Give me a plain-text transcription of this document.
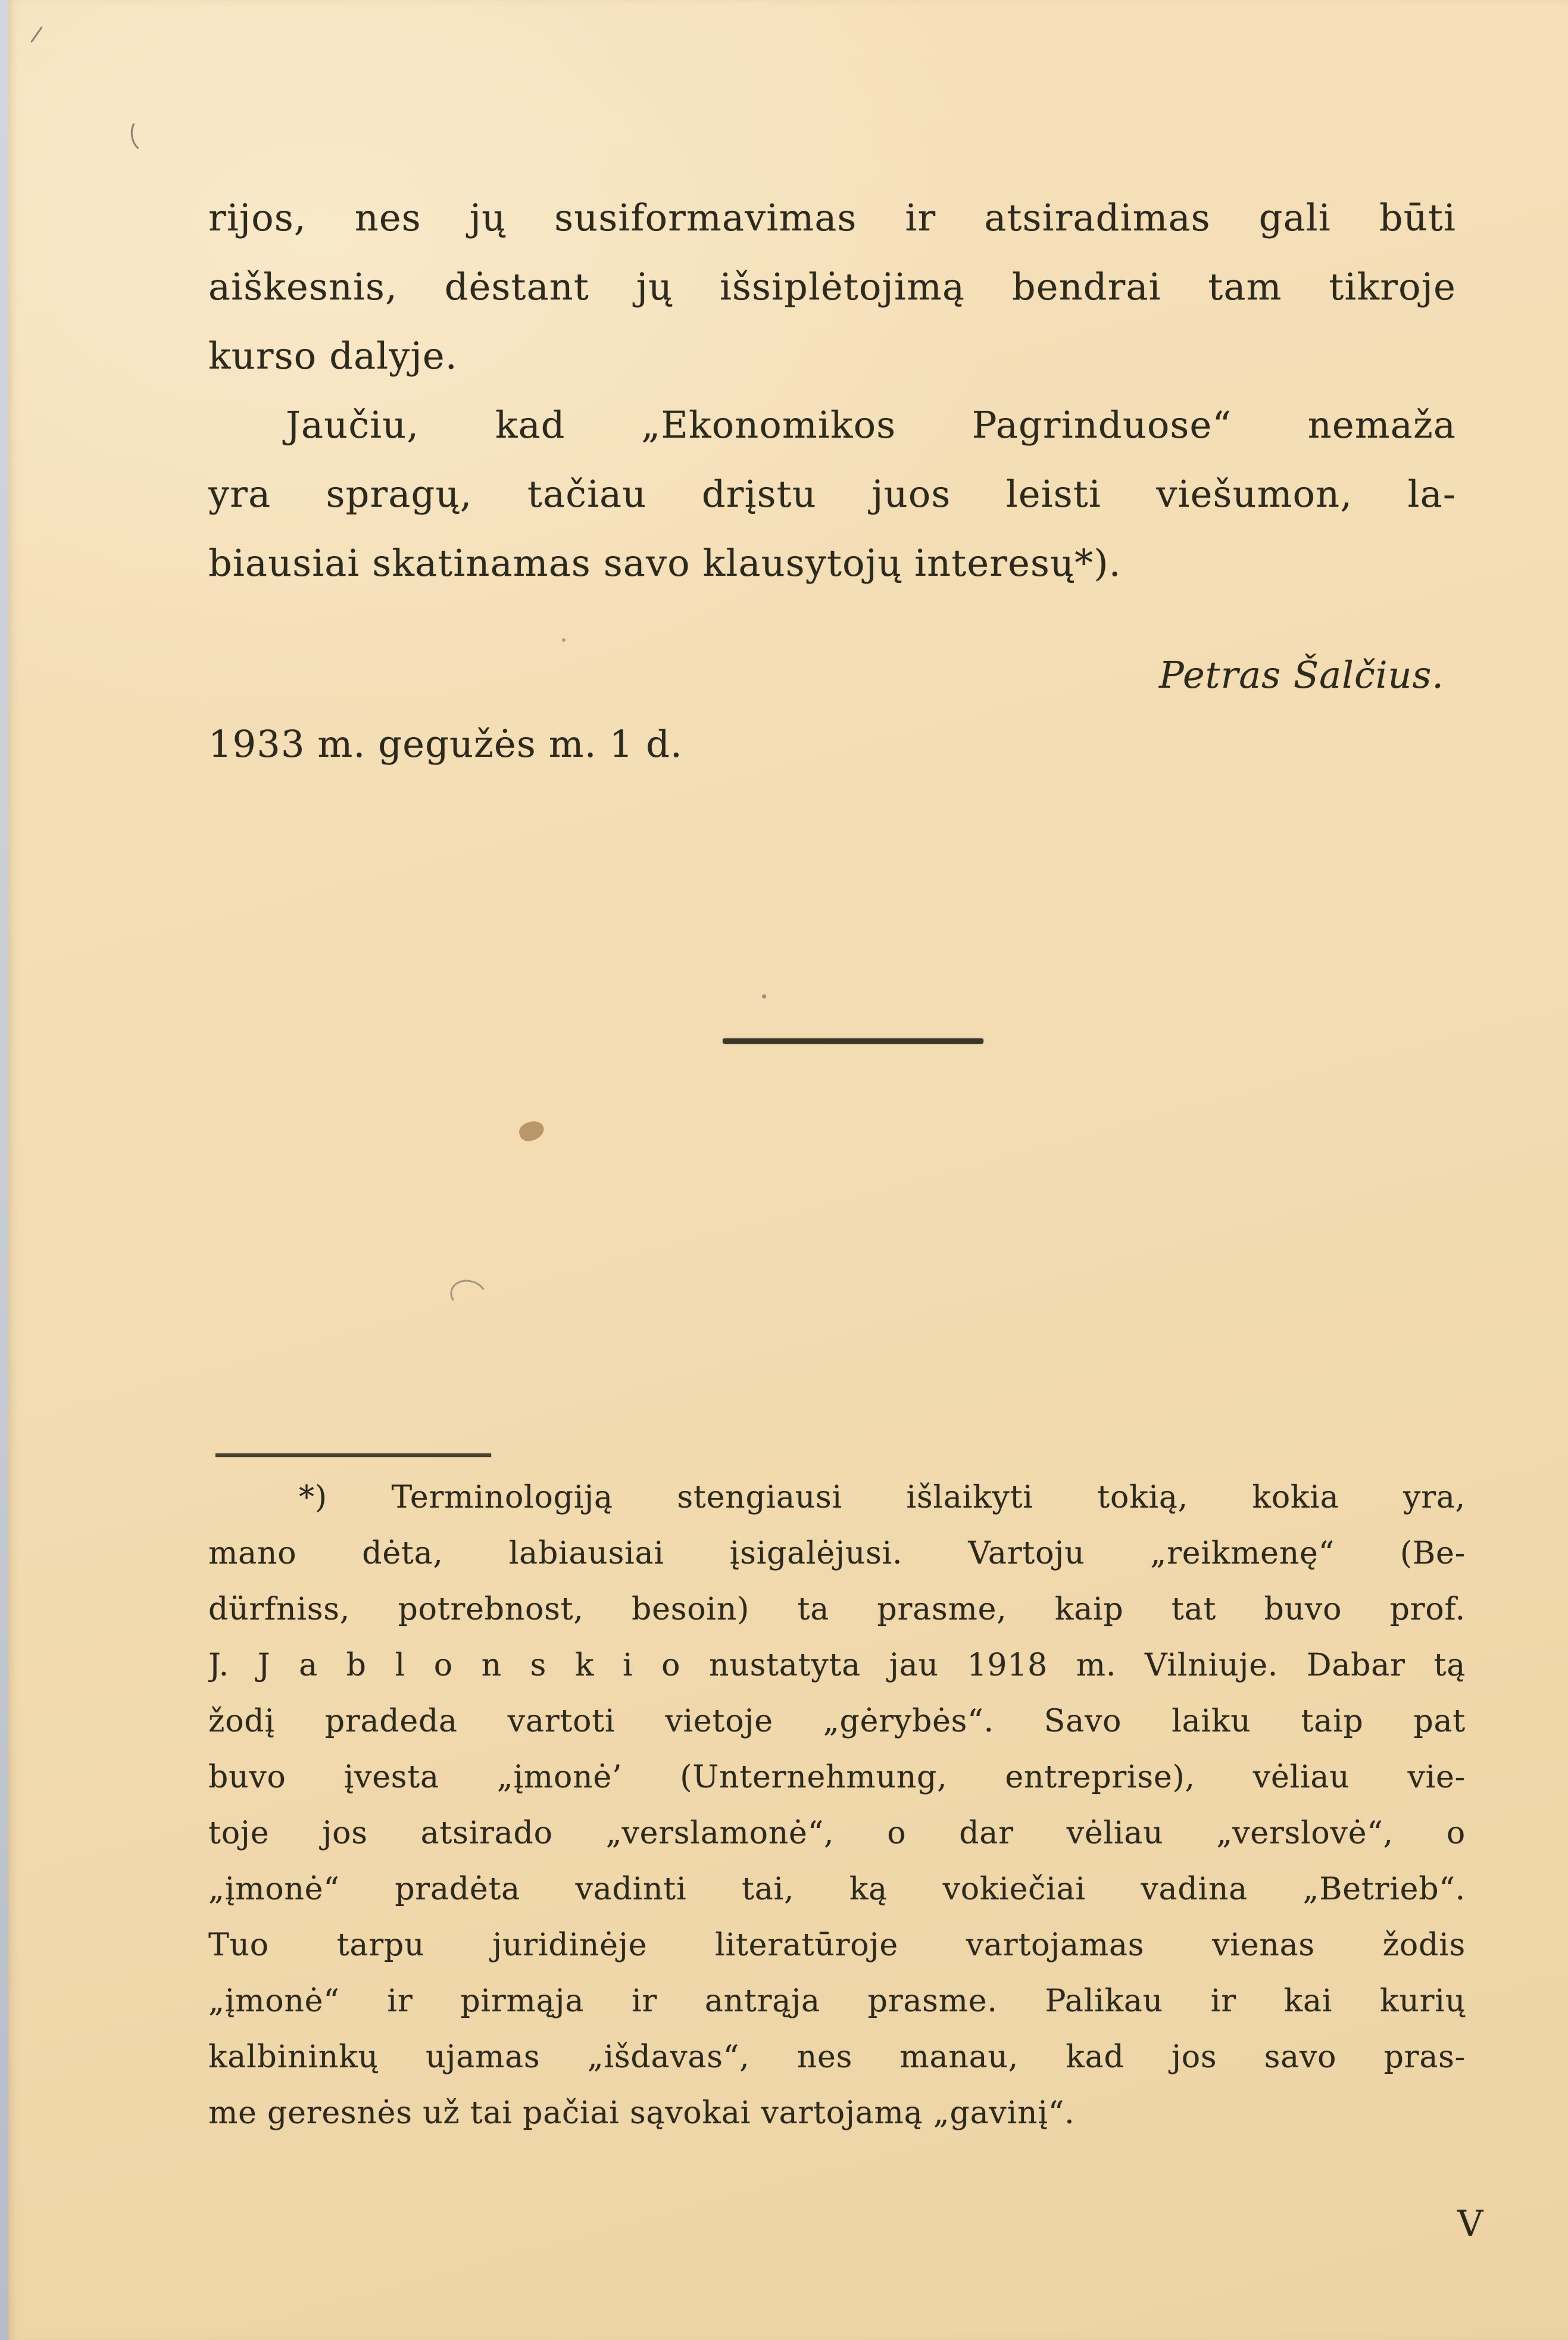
rijos, nes jų susiformavimas ir atsiradimas gali būti
aiškesnis, dėstant jų išsiplėtojimą bendrai tam tikroje
kurso dalyje.
Jaučiu, kad „Ekonomikos Pagrinduose“ nemaža
yra spragų, tačiau drįstu juos leisti viešumon, la-
biausiai skatinamas savo klausytojų interesų*).
Petras Šalčius.
1933 m. gegužės m. 1 d.
*) Terminologiją stengiausi išlaikyti tokią, kokia yra,
mano dėta, labiausiai įsigalėjusi. Vartoju „reikmenę“ (Be-
dürfniss, potrebnost, besoin) ta prasme, kaip tat buvo prof.
J. J a b l o n s k i o nustatyta jau 1918 m. Vilniuje. Dabar tą
žodį pradeda vartoti vietoje „gėrybės“. Savo laiku taip pat
buvo įvesta „įmonė’ (Unternehmung, entreprise), vėliau vie-
toje jos atsirado „verslamonė“, o dar vėliau „verslovė“, o
„įmonė“ pradėta vadinti tai, ką vokiečiai vadina „Betrieb“.
Tuo tarpu juridinėje literatūroje vartojamas vienas žodis
„įmonė“ ir pirmąja ir antrąja prasme. Palikau ir kai kurių
kalbininkų ujamas „išdavas“, nes manau, kad jos savo pras-
me geresnės už tai pačiai sąvokai vartojamą „gavinį“.
V
